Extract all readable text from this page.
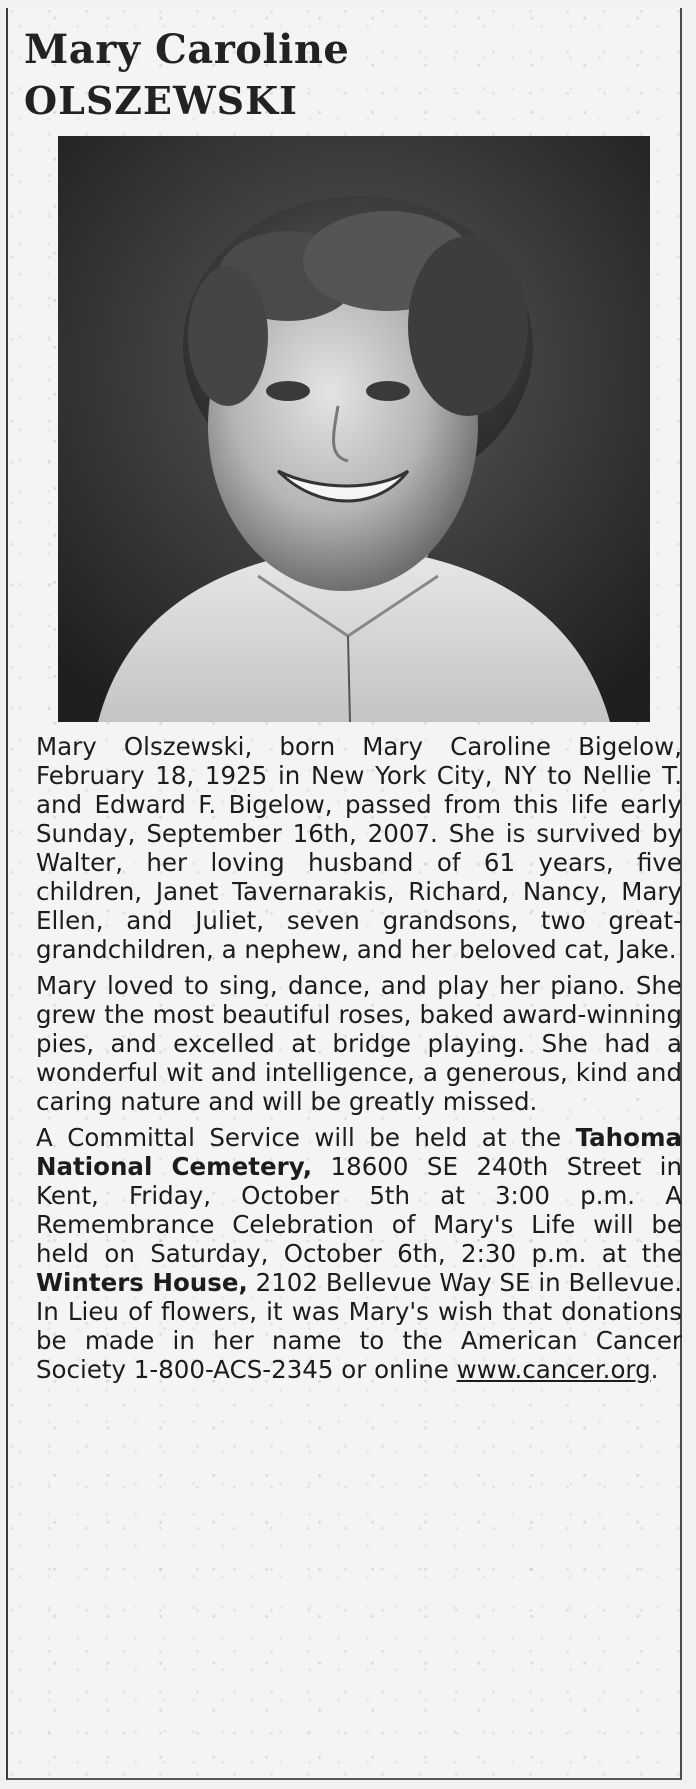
Mary Caroline
OLSZEWSKI

Mary Olszewski, born Mary Caroline Bigelow, February 18, 1925 in New York City, NY to Nellie T. and Edward F. Bigelow, passed from this life early Sunday, September 16th, 2007. She is survived by Walter, her loving husband of 61 years, five children, Janet Tavernarakis, Richard, Nancy, Mary Ellen, and Juliet, seven grandsons, two great-grandchildren, a nephew, and her beloved cat, Jake.

Mary loved to sing, dance, and play her piano. She grew the most beautiful roses, baked award-winning pies, and excelled at bridge playing. She had a wonderful wit and intelligence, a generous, kind and caring nature and will be greatly missed.

A Committal Service will be held at the Tahoma National Cemetery, 18600 SE 240th Street in Kent, Friday, October 5th at 3:00 p.m. A Remembrance Celebration of Mary's Life will be held on Saturday, October 6th, 2:30 p.m. at the Winters House, 2102 Bellevue Way SE in Bellevue. In Lieu of flowers, it was Mary's wish that donations be made in her name to the American Cancer Society 1-800-ACS-2345 or online www.cancer.org.
